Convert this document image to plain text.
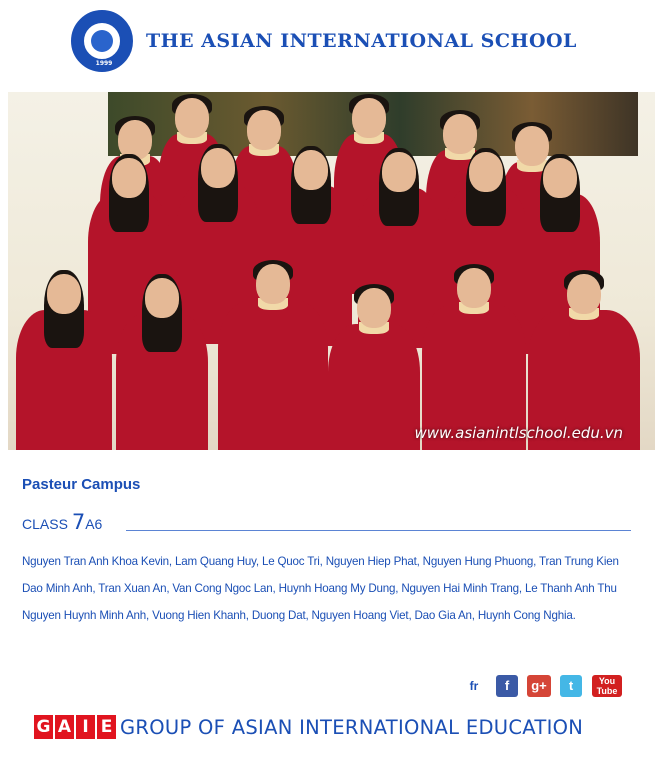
1999
THE ASIAN INTERNATIONAL SCHOOL
www.asianintlschool.edu.vn
Pasteur Campus
CLASS 7A6
Nguyen Tran Anh Khoa Kevin, Lam Quang Huy, Le Quoc Tri, Nguyen Hiep Phat, Nguyen Hung Phuong, Tran Trung Kien
Dao Minh Anh, Tran Xuan An, Van Cong Ngoc Lan, Huynh Hoang My Dung, Nguyen Hai Minh Trang, Le Thanh Anh Thu
Nguyen Huynh Minh Anh, Vuong Hien Khanh, Duong Dat, Nguyen Hoang Viet, Dao Gia An, Huynh Cong Nghia.
fr	f	g+	t	You
Tube
G A I E GROUP OF ASIAN INTERNATIONAL EDUCATION
